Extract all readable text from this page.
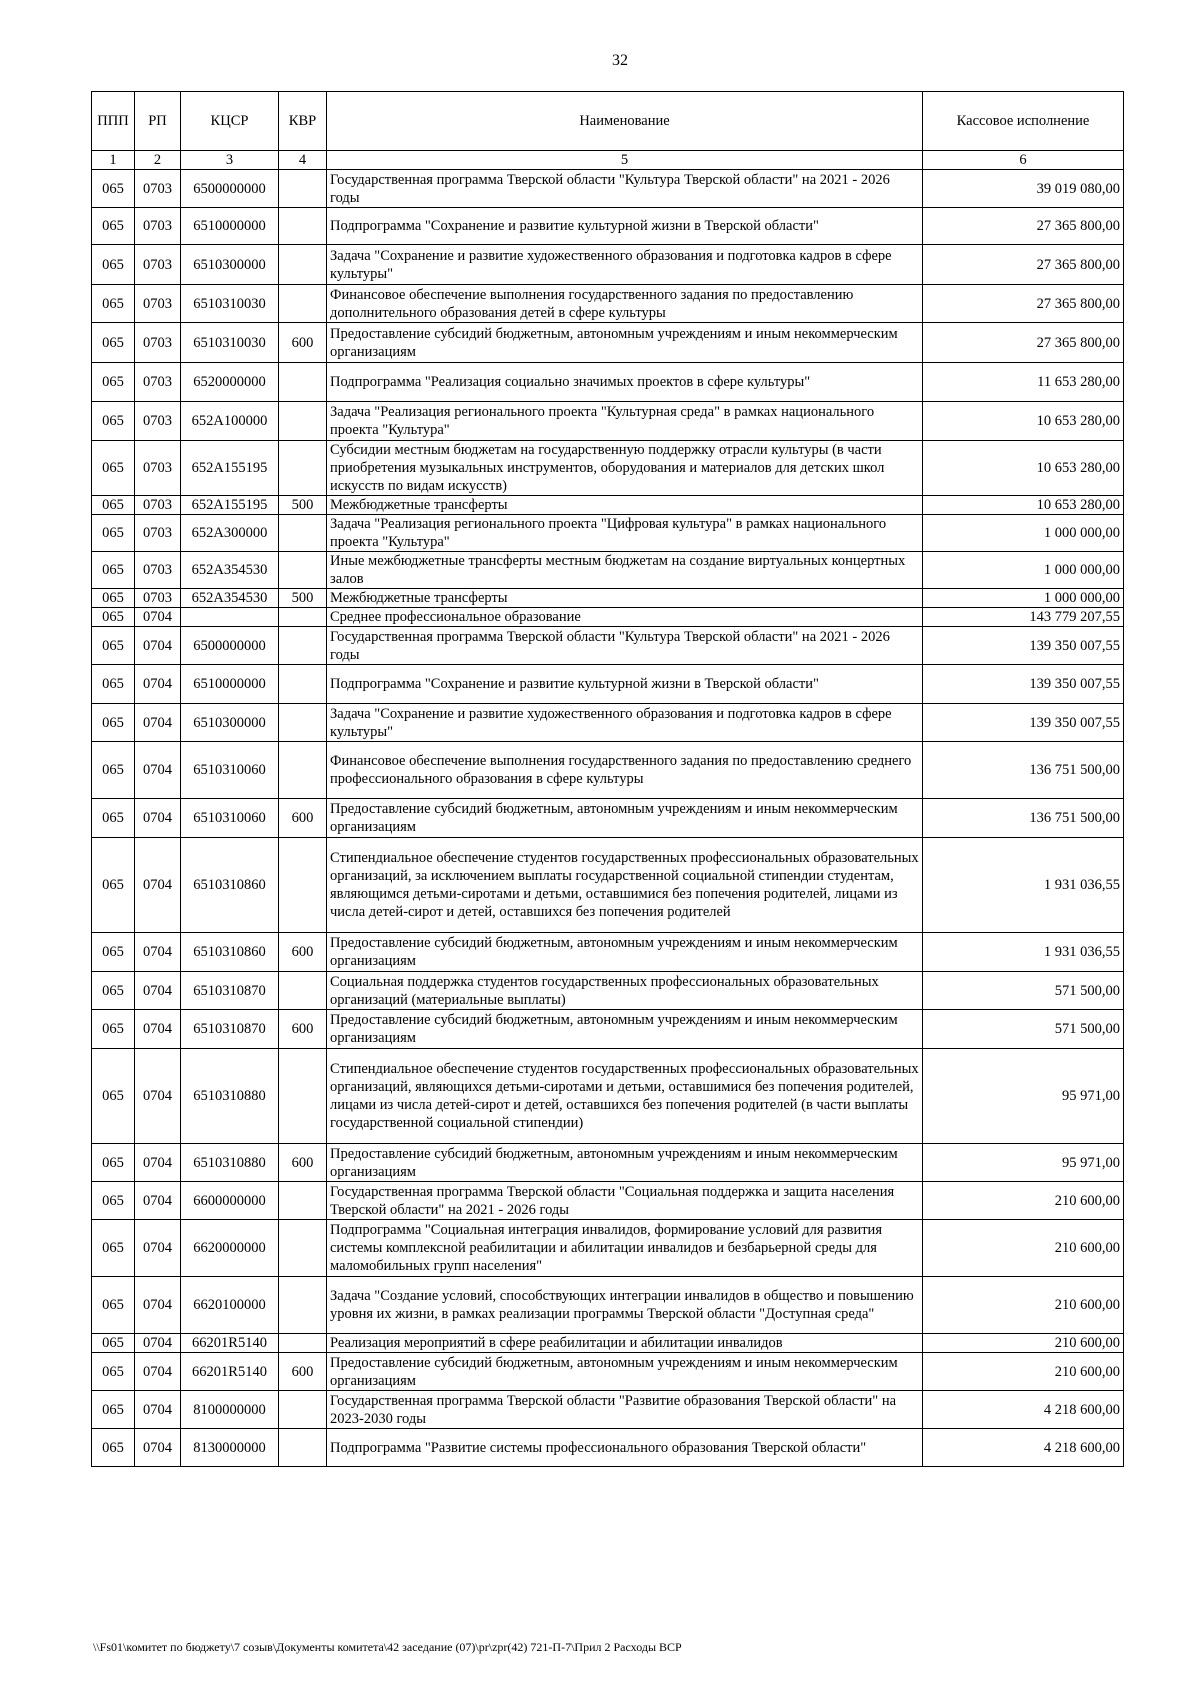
32
ППП	РП	КЦСР	КВР	Наименование	Кассовое исполнение
1	2	3	4	5	6
065	0703	6500000000		Государственная программа Тверской области "Культура Тверской области" на 2021 - 2026 годы	39 019 080,00
065	0703	6510000000		Подпрограмма "Сохранение и развитие культурной жизни в Тверской области"	27 365 800,00
065	0703	6510300000		Задача "Сохранение и развитие художественного образования и подготовка кадров в сфере культуры"	27 365 800,00
065	0703	6510310030		Финансовое обеспечение выполнения государственного задания по предоставлению дополнительного образования детей в сфере культуры	27 365 800,00
065	0703	6510310030	600	Предоставление субсидий бюджетным, автономным учреждениям и иным некоммерческим организациям	27 365 800,00
065	0703	6520000000		Подпрограмма "Реализация социально значимых проектов в сфере культуры"	11 653 280,00
065	0703	652A100000		Задача "Реализация регионального проекта "Культурная среда" в рамках национального проекта "Культура"	10 653 280,00
065	0703	652A155195		Субсидии местным бюджетам на государственную поддержку отрасли культуры (в части приобретения музыкальных инструментов, оборудования и материалов для детских школ искусств по видам искусств)	10 653 280,00
065	0703	652A155195	500	Межбюджетные трансферты	10 653 280,00
065	0703	652A300000		Задача "Реализация регионального проекта "Цифровая культура" в рамках национального проекта "Культура"	1 000 000,00
065	0703	652A354530		Иные межбюджетные трансферты местным бюджетам на создание виртуальных концертных залов	1 000 000,00
065	0703	652A354530	500	Межбюджетные трансферты	1 000 000,00
065	0704			Среднее профессиональное образование	143 779 207,55
065	0704	6500000000		Государственная программа Тверской области "Культура Тверской области" на 2021 - 2026 годы	139 350 007,55
065	0704	6510000000		Подпрограмма "Сохранение и развитие культурной жизни в Тверской области"	139 350 007,55
065	0704	6510300000		Задача "Сохранение и развитие художественного образования и подготовка кадров в сфере культуры"	139 350 007,55
065	0704	6510310060		Финансовое обеспечение выполнения государственного задания по предоставлению среднего профессионального образования в сфере культуры	136 751 500,00
065	0704	6510310060	600	Предоставление субсидий бюджетным, автономным учреждениям и иным некоммерческим организациям	136 751 500,00
065	0704	6510310860		Стипендиальное обеспечение студентов государственных профессиональных образовательных организаций, за исключением выплаты государственной социальной стипендии студентам, являющимся детьми-сиротами и детьми, оставшимися без попечения родителей, лицами из числа детей-сирот и детей, оставшихся без попечения родителей	1 931 036,55
065	0704	6510310860	600	Предоставление субсидий бюджетным, автономным учреждениям и иным некоммерческим организациям	1 931 036,55
065	0704	6510310870		Социальная поддержка студентов государственных профессиональных образовательных организаций (материальные выплаты)	571 500,00
065	0704	6510310870	600	Предоставление субсидий бюджетным, автономным учреждениям и иным некоммерческим организациям	571 500,00
065	0704	6510310880		Стипендиальное обеспечение студентов государственных профессиональных образовательных организаций, являющихся детьми-сиротами и детьми, оставшимися без попечения родителей, лицами из числа детей-сирот и детей, оставшихся без попечения родителей (в части выплаты государственной социальной стипендии)	95 971,00
065	0704	6510310880	600	Предоставление субсидий бюджетным, автономным учреждениям и иным некоммерческим организациям	95 971,00
065	0704	6600000000		Государственная программа Тверской области "Социальная поддержка и защита населения Тверской области" на 2021 - 2026 годы	210 600,00
065	0704	6620000000		Подпрограмма "Социальная интеграция инвалидов, формирование условий для развития системы комплексной реабилитации и абилитации инвалидов и безбарьерной среды для маломобильных групп населения"	210 600,00
065	0704	6620100000		Задача "Создание условий, способствующих интеграции инвалидов в общество и повышению уровня их жизни, в рамках реализации программы Тверской области "Доступная среда"	210 600,00
065	0704	66201R5140		Реализация мероприятий в сфере реабилитации и абилитации инвалидов	210 600,00
065	0704	66201R5140	600	Предоставление субсидий бюджетным, автономным учреждениям и иным некоммерческим организациям	210 600,00
065	0704	8100000000		Государственная программа Тверской области "Развитие образования Тверской области" на 2023-2030 годы	4 218 600,00
065	0704	8130000000		Подпрограмма "Развитие системы профессионального образования Тверской области"	4 218 600,00
\\Fs01\комитет по бюджету\7 созыв\Документы комитета\42 заседание (07)\pr\zpr(42) 721-П-7\Прил 2 Расходы ВСР
